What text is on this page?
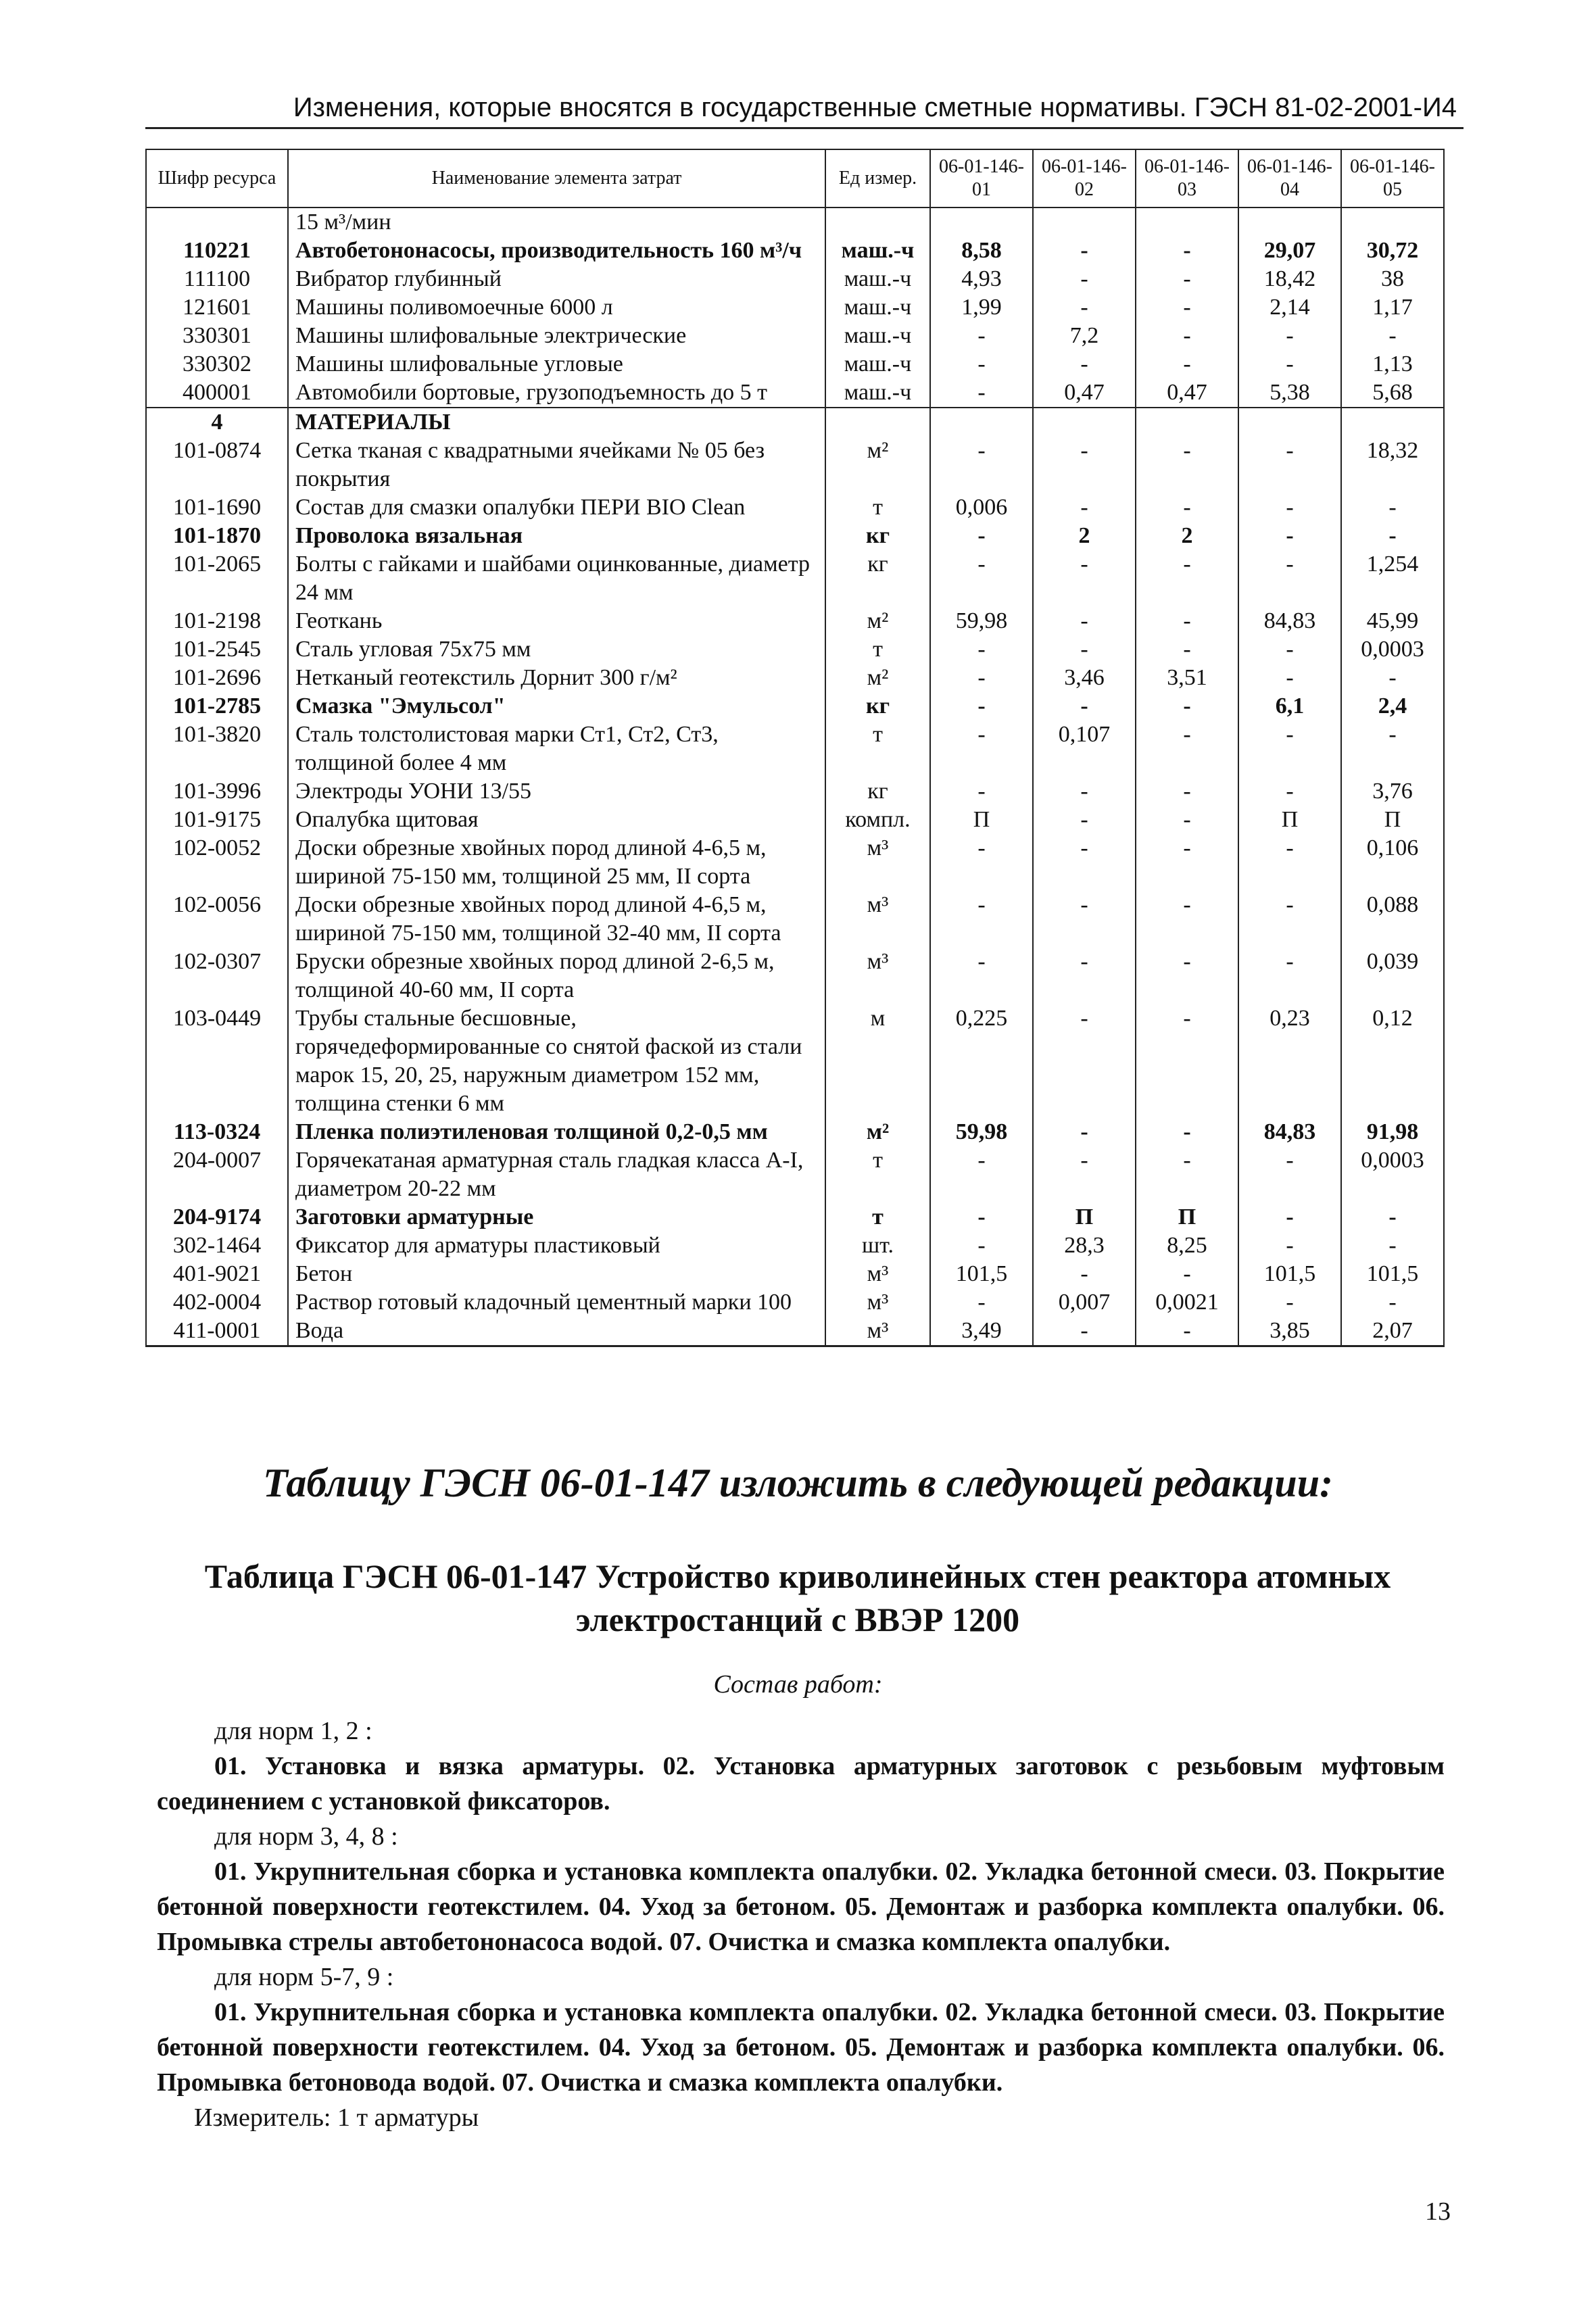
Изменения, которые вносятся в государственные сметные нормативы. ГЭСН 81-02-2001-И4
Шифр ресурса	Наименование элемента затрат	Ед измер.	06-01-146-01	06-01-146-02	06-01-146-03	06-01-146-04	06-01-146-05
	15 м³/мин						
110221	Автобетононасосы, производительность 160 м³/ч	маш.-ч	8,58	-	-	29,07	30,72
111100	Вибратор глубинный	маш.-ч	4,93	-	-	18,42	38
121601	Машины поливомоечные 6000 л	маш.-ч	1,99	-	-	2,14	1,17
330301	Машины шлифовальные электрические	маш.-ч	-	7,2	-	-	-
330302	Машины шлифовальные угловые	маш.-ч	-	-	-	-	1,13
400001	Автомобили бортовые, грузоподъемность до 5 т	маш.-ч	-	0,47	0,47	5,38	5,68
4	МАТЕРИАЛЫ						
101-0874	Сетка тканая с квадратными ячейками № 05 без покрытия	м²	-	-	-	-	18,32
101-1690	Состав для смазки опалубки ПЕРИ BIO Clean	т	0,006	-	-	-	-
101-1870	Проволока вязальная	кг	-	2	2	-	-
101-2065	Болты с гайками и шайбами оцинкованные, диаметр 24 мм	кг	-	-	-	-	1,254
101-2198	Геоткань	м²	59,98	-	-	84,83	45,99
101-2545	Сталь угловая 75х75 мм	т	-	-	-	-	0,0003
101-2696	Нетканый геотекстиль Дорнит 300 г/м²	м²	-	3,46	3,51	-	-
101-2785	Смазка "Эмульсол"	кг	-	-	-	6,1	2,4
101-3820	Сталь толстолистовая марки Ст1, Ст2, Ст3, толщиной более 4 мм	т	-	0,107	-	-	-
101-3996	Электроды УОНИ 13/55	кг	-	-	-	-	3,76
101-9175	Опалубка щитовая	компл.	П	-	-	П	П
102-0052	Доски обрезные хвойных пород длиной 4-6,5 м, шириной 75-150 мм, толщиной 25 мм, II сорта	м³	-	-	-	-	0,106
102-0056	Доски обрезные хвойных пород длиной 4-6,5 м, шириной 75-150 мм, толщиной 32-40 мм, II сорта	м³	-	-	-	-	0,088
102-0307	Бруски обрезные хвойных пород длиной 2-6,5 м, толщиной 40-60 мм, II сорта	м³	-	-	-	-	0,039
103-0449	Трубы стальные бесшовные, горячедеформированные со снятой фаской из стали марок 15, 20, 25, наружным диаметром 152 мм, толщина стенки 6 мм	м	0,225	-	-	0,23	0,12
113-0324	Пленка полиэтиленовая толщиной 0,2-0,5 мм	м²	59,98	-	-	84,83	91,98
204-0007	Горячекатаная арматурная сталь гладкая класса А-I, диаметром 20-22 мм	т	-	-	-	-	0,0003
204-9174	Заготовки арматурные	т	-	П	П	-	-
302-1464	Фиксатор для арматуры пластиковый	шт.	-	28,3	8,25	-	-
401-9021	Бетон	м³	101,5	-	-	101,5	101,5
402-0004	Раствор готовый кладочный цементный марки 100	м³	-	0,007	0,0021	-	-
411-0001	Вода	м³	3,49	-	-	3,85	2,07
Таблицу ГЭСН 06-01-147 изложить в следующей редакции:
Таблица ГЭСН 06-01-147 Устройство криволинейных стен реактора атомных электростанций с ВВЭР 1200
Состав работ:

для норм 1, 2 :

01. Установка и вязка арматуры. 02. Установка арматурных заготовок с резьбовым муфтовым соединением с установкой фиксаторов.

для норм 3, 4, 8 :

01. Укрупнительная сборка и установка комплекта опалубки. 02. Укладка бетонной смеси. 03. Покрытие бетонной поверхности геотекстилем. 04. Уход за бетоном. 05. Демонтаж и разборка комплекта опалубки. 06. Промывка стрелы автобетононасоса водой. 07. Очистка и смазка комплекта опалубки.

для норм 5-7, 9 :

01. Укрупнительная сборка и установка комплекта опалубки. 02. Укладка бетонной смеси. 03. Покрытие бетонной поверхности геотекстилем. 04. Уход за бетоном. 05. Демонтаж и разборка комплекта опалубки. 06. Промывка бетоновода водой. 07. Очистка и смазка комплекта опалубки.

Измеритель: 1 т арматуры

13
